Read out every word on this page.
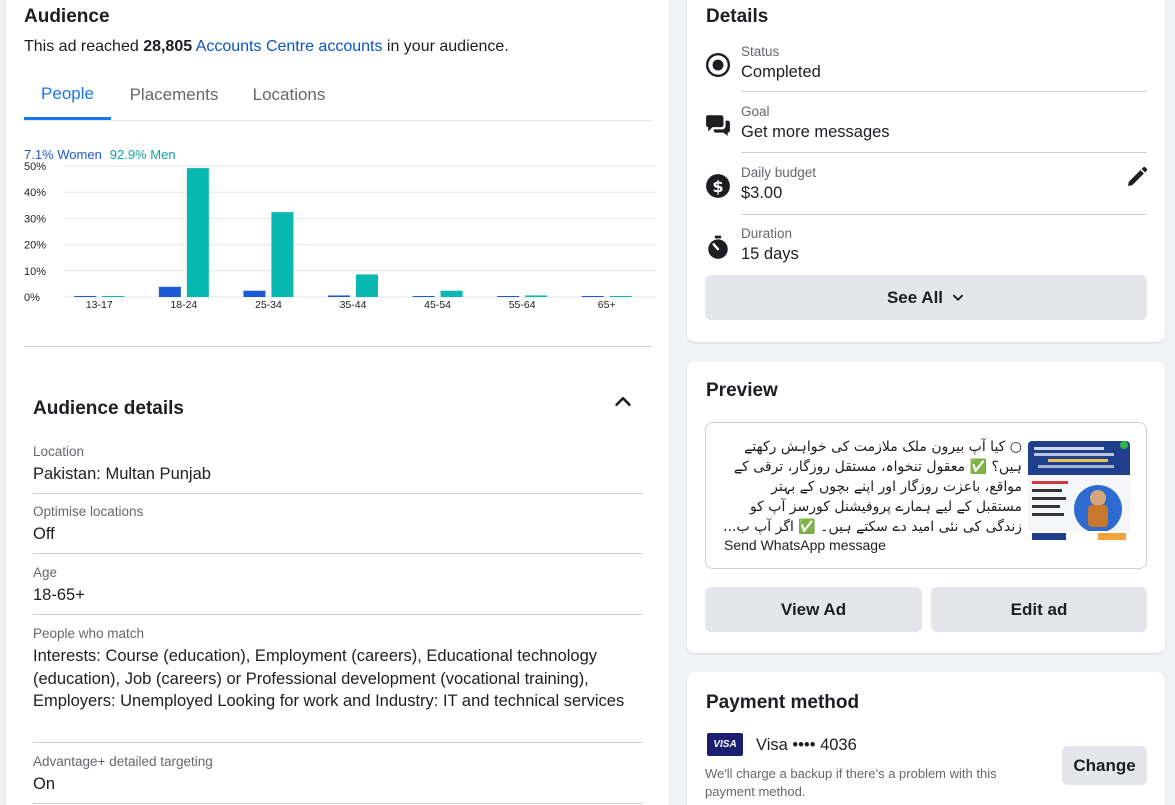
Audience
This ad reached 28,805 Accounts Centre accounts in your audience.
People	Placements	Locations
7.1% Women 92.9% Men
50%
40%
30%
20%
10%
0%
13-17	18-24	25-34	35-44	45-54	55-64	65+
Audience details
Location
Pakistan: Multan Punjab
Optimise locations
Off
Age
18-65+
People who match
Interests: Course (education), Employment (careers), Educational technology (education), Job (careers) or Professional development (vocational training), Employers: Unemployed Looking for work and Industry: IT and technical services
Advantage+ detailed targeting
On
Details
Status
Completed
Goal
Get more messages
$
Daily budget
$3.00
Duration
15 days
See All
Preview
○ کیا آپ بیرون ملک ملازمت کی خواہش رکھتے ہیں؟ ✅ معقول تنخواہ، مستقل روزگار، ترقی کے مواقع، باعزت روزگار اور اپنے بچوں کے بہتر مستقبل کے لیے ہمارے پروفیشنل کورسز آپ کو زندگی کی نئی امید دے سکتے ہیں۔ ✅ اگر آپ ب...
Send WhatsApp message
View Ad	Edit ad
Payment method
VISA	Visa •••• 4036
We'll charge a backup if there's a problem with this payment method.
Change
